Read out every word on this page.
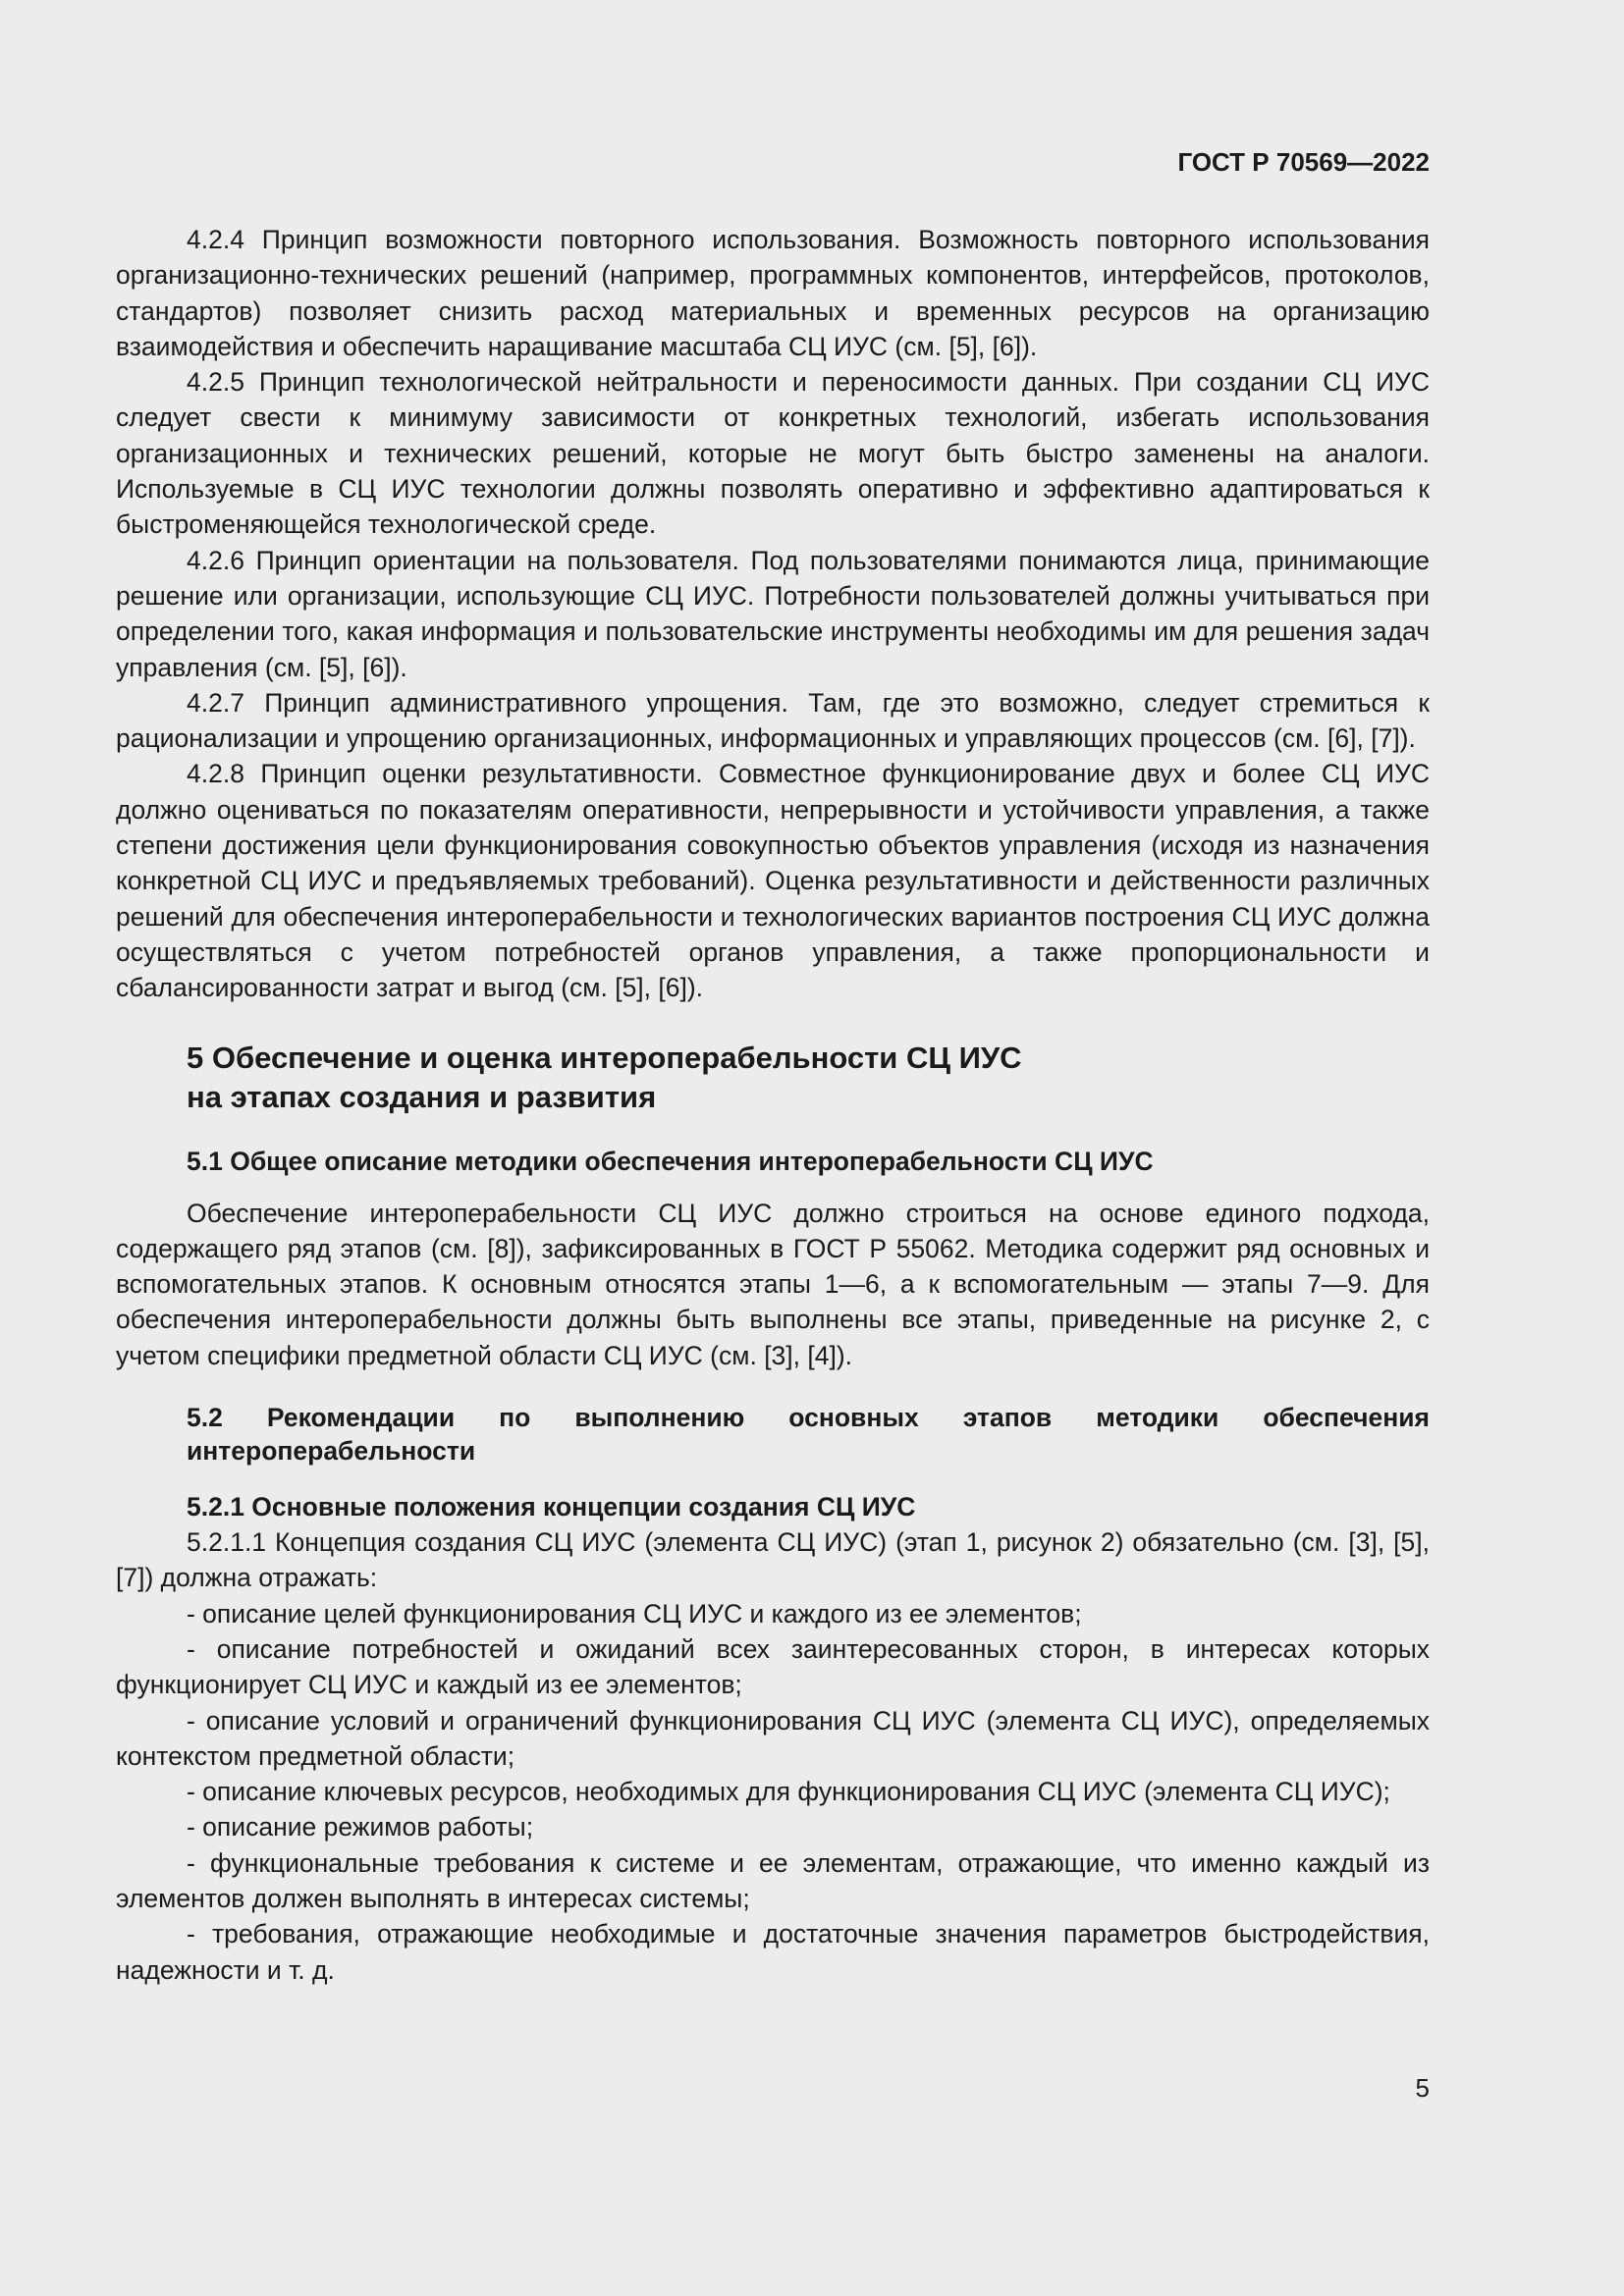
ГОСТ Р 70569—2022

4.2.4 Принцип возможности повторного использования. Возможность повторного использования организационно-технических решений (например, программных компонентов, интерфейсов, протоколов, стандартов) позволяет снизить расход материальных и временных ресурсов на организацию взаимодействия и обеспечить наращивание масштаба СЦ ИУС (см. [5], [6]).

4.2.5 Принцип технологической нейтральности и переносимости данных. При создании СЦ ИУС следует свести к минимуму зависимости от конкретных технологий, избегать использования организационных и технических решений, которые не могут быть быстро заменены на аналоги. Используемые в СЦ ИУС технологии должны позволять оперативно и эффективно адаптироваться к быстроменяющейся технологической среде.

4.2.6 Принцип ориентации на пользователя. Под пользователями понимаются лица, принимающие решение или организации, использующие СЦ ИУС. Потребности пользователей должны учитываться при определении того, какая информация и пользовательские инструменты необходимы им для решения задач управления (см. [5], [6]).

4.2.7 Принцип административного упрощения. Там, где это возможно, следует стремиться к рационализации и упрощению организационных, информационных и управляющих процессов (см. [6], [7]).

4.2.8 Принцип оценки результативности. Совместное функционирование двух и более СЦ ИУС должно оцениваться по показателям оперативности, непрерывности и устойчивости управления, а также степени достижения цели функционирования совокупностью объектов управления (исходя из назначения конкретной СЦ ИУС и предъявляемых требований). Оценка результативности и действенности различных решений для обеспечения интероперабельности и технологических вариантов построения СЦ ИУС должна осуществляться с учетом потребностей органов управления, а также пропорциональности и сбалансированности затрат и выгод (см. [5], [6]).

5 Обеспечение и оценка интероперабельности СЦ ИУС
на этапах создания и развития
5.1 Общее описание методики обеспечения интероперабельности СЦ ИУС

Обеспечение интероперабельности СЦ ИУС должно строиться на основе единого подхода, содержащего ряд этапов (см. [8]), зафиксированных в ГОСТ Р 55062. Методика содержит ряд основных и вспомогательных этапов. К основным относятся этапы 1—6, а к вспомогательным — этапы 7—9. Для обеспечения интероперабельности должны быть выполнены все этапы, приведенные на рисунке 2, с учетом специфики предметной области СЦ ИУС (см. [3], [4]).

5.2 Рекомендации по выполнению основных этапов методики обеспечения интероперабельности
5.2.1 Основные положения концепции создания СЦ ИУС

5.2.1.1 Концепция создания СЦ ИУС (элемента СЦ ИУС) (этап 1, рисунок 2) обязательно (см. [3], [5], [7]) должна отражать:

- описание целей функционирования СЦ ИУС и каждого из ее элементов;

- описание потребностей и ожиданий всех заинтересованных сторон, в интересах которых функционирует СЦ ИУС и каждый из ее элементов;

- описание условий и ограничений функционирования СЦ ИУС (элемента СЦ ИУС), определяемых контекстом предметной области;

- описание ключевых ресурсов, необходимых для функционирования СЦ ИУС (элемента СЦ ИУС);

- описание режимов работы;

- функциональные требования к системе и ее элементам, отражающие, что именно каждый из элементов должен выполнять в интересах системы;

- требования, отражающие необходимые и достаточные значения параметров быстродействия, надежности и т. д.

5
